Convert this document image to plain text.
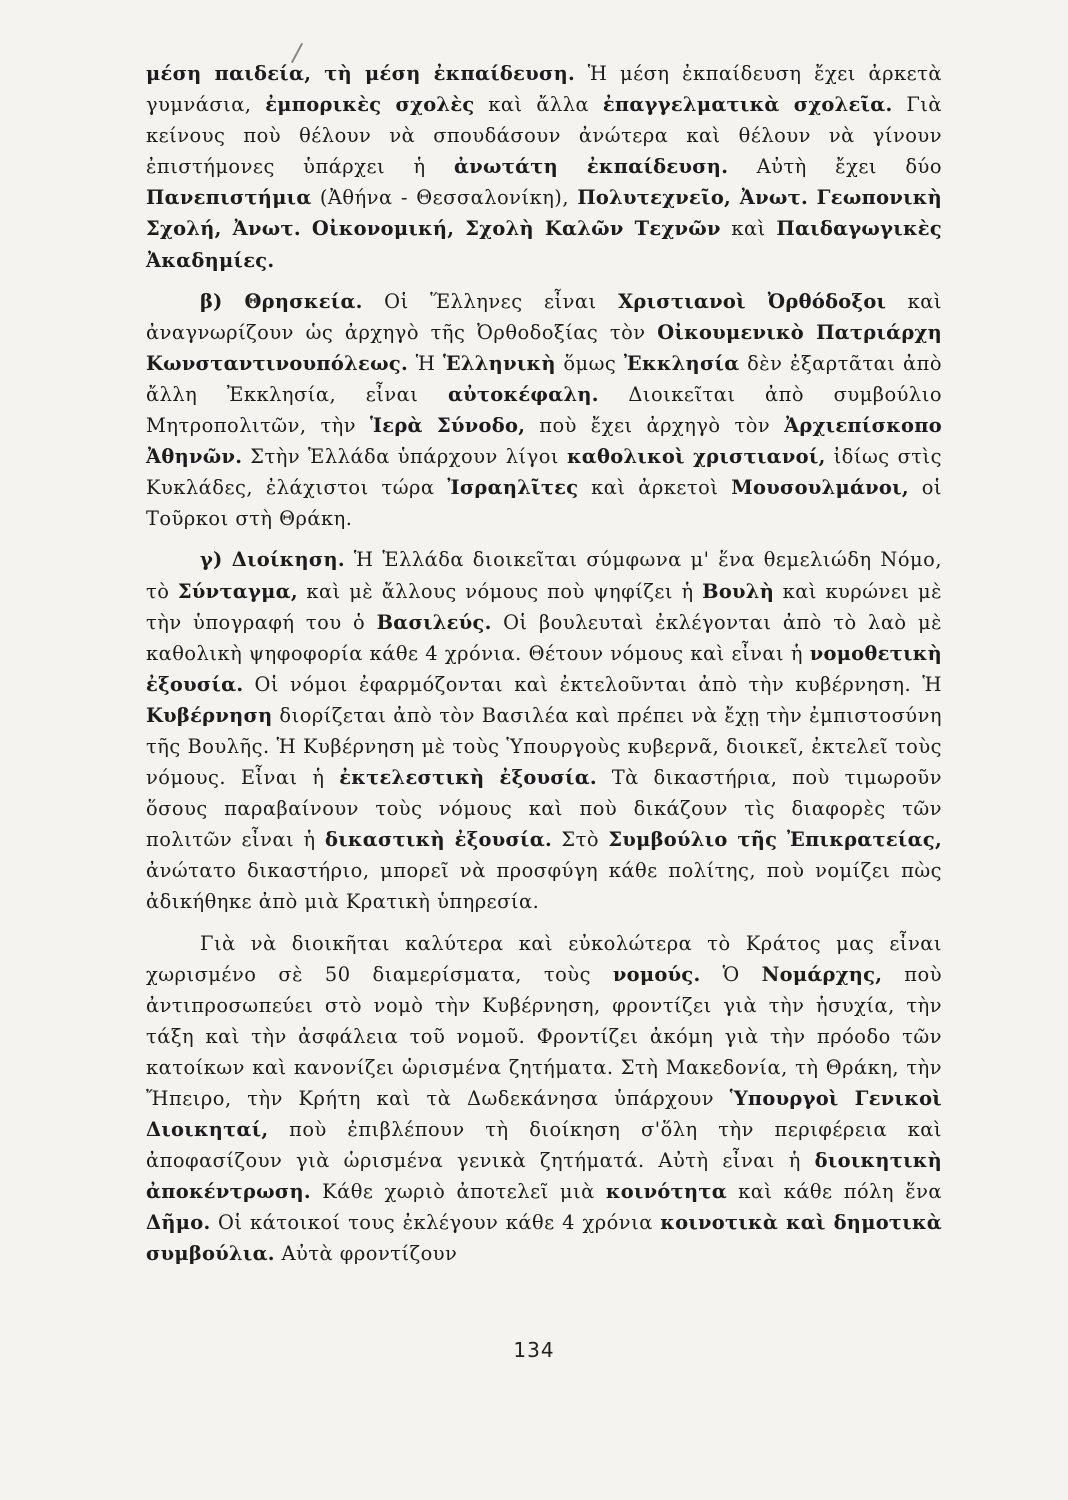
μέση παιδεία, τὴ μέση ἐκπαίδευση. Ἡ μέση ἐκπαίδευση ἔχει ἀρκετὰ γυμνάσια, ἐμπορικὲς σχολὲς καὶ ἄλλα ἐπαγγελματικὰ σχολεῖα. Γιὰ κείνους ποὺ θέλουν νὰ σπουδάσουν ἀνώτερα καὶ θέλουν νὰ γίνουν ἐπιστήμονες ὑπάρχει ἡ ἀνωτάτη ἐκπαίδευση. Αὐτὴ ἔχει δύο Πανεπιστήμια (Ἀθήνα - Θεσσαλονίκη), Πολυτεχνεῖο, Ἀνωτ. Γεωπονικὴ Σχολή, Ἀνωτ. Οἰκονομική, Σχολὴ Καλῶν Τεχνῶν καὶ Παιδαγωγικὲς Ἀκαδημίες.

β) Θρησκεία. Οἱ Ἕλληνες εἶναι Χριστιανοὶ Ὀρθόδοξοι καὶ ἀναγνωρίζουν ὡς ἀρχηγὸ τῆς Ὀρθοδοξίας τὸν Οἰκουμενικὸ Πατριάρχη Κωνσταντινουπόλεως. Ἡ Ἑλληνικὴ ὅμως Ἐκκλησία δὲν ἐξαρτᾶται ἀπὸ ἄλλη Ἐκκλησία, εἶναι αὐτοκέφαλη. Διοικεῖται ἀπὸ συμβούλιο Μητροπολιτῶν, τὴν Ἱερὰ Σύνοδο, ποὺ ἔχει ἀρχηγὸ τὸν Ἀρχιεπίσκοπο Ἀθηνῶν. Στὴν Ἑλλάδα ὑπάρχουν λίγοι καθολικοὶ χριστιανοί, ἰδίως στὶς Κυκλάδες, ἐλάχιστοι τώρα Ἰσραηλῖτες καὶ ἀρκετοὶ Μουσουλμάνοι, οἱ Τοῦρκοι στὴ Θράκη.

γ) Διοίκηση. Ἡ Ἑλλάδα διοικεῖται σύμφωνα μ' ἕνα θεμελιώδη Νόμο, τὸ Σύνταγμα, καὶ μὲ ἄλλους νόμους ποὺ ψηφίζει ἡ Βουλὴ καὶ κυρώνει μὲ τὴν ὑπογραφή του ὁ Βασιλεύς. Οἱ βουλευταὶ ἐκλέγονται ἀπὸ τὸ λαὸ μὲ καθολικὴ ψηφοφορία κάθε 4 χρόνια. Θέτουν νόμους καὶ εἶναι ἡ νομοθετικὴ ἐξουσία. Οἱ νόμοι ἐφαρμόζονται καὶ ἐκτελοῦνται ἀπὸ τὴν κυβέρνηση. Ἡ Κυβέρνηση διορίζεται ἀπὸ τὸν Βασιλέα καὶ πρέπει νὰ ἔχῃ τὴν ἐμπιστοσύνη τῆς Βουλῆς. Ἡ Κυβέρνηση μὲ τοὺς Ὑπουργοὺς κυβερνᾶ, διοικεῖ, ἐκτελεῖ τοὺς νόμους. Εἶναι ἡ ἐκτελεστικὴ ἐξουσία. Τὰ δικαστήρια, ποὺ τιμωροῦν ὅσους παραβαίνουν τοὺς νόμους καὶ ποὺ δικάζουν τὶς διαφορὲς τῶν πολιτῶν εἶναι ἡ δικαστικὴ ἐξουσία. Στὸ Συμβούλιο τῆς Ἐπικρατείας, ἀνώτατο δικαστήριο, μπορεῖ νὰ προσφύγη κάθε πολίτης, ποὺ νομίζει πὼς ἀδικήθηκε ἀπὸ μιὰ Κρατικὴ ὑπηρεσία.

Γιὰ νὰ διοικῆται καλύτερα καὶ εὐκολώτερα τὸ Κράτος μας εἶναι χωρισμένο σὲ 50 διαμερίσματα, τοὺς νομούς. Ὁ Νομάρχης, ποὺ ἀντιπροσωπεύει στὸ νομὸ τὴν Κυβέρνηση, φροντίζει γιὰ τὴν ἡσυχία, τὴν τάξη καὶ τὴν ἀσφάλεια τοῦ νομοῦ. Φροντίζει ἀκόμη γιὰ τὴν πρόοδο τῶν κατοίκων καὶ κανονίζει ὡρισμένα ζητήματα. Στὴ Μακεδονία, τὴ Θράκη, τὴν Ἤπειρο, τὴν Κρήτη καὶ τὰ Δωδεκάνησα ὑπάρχουν Ὑπουργοὶ Γενικοὶ Διοικηταί, ποὺ ἐπιβλέπουν τὴ διοίκηση σ'ὅλη τὴν περιφέρεια καὶ ἀποφασίζουν γιὰ ὡρισμένα γενικὰ ζητήματά. Αὐτὴ εἶναι ἡ διοικητικὴ ἀποκέντρωση. Κάθε χωριὸ ἀποτελεῖ μιὰ κοινότητα καὶ κάθε πόλη ἕνα Δῆμο. Οἱ κάτοικοί τους ἐκλέγουν κάθε 4 χρόνια κοινοτικὰ καὶ δημοτικὰ συμβούλια. Αὐτὰ φροντίζουν

134
